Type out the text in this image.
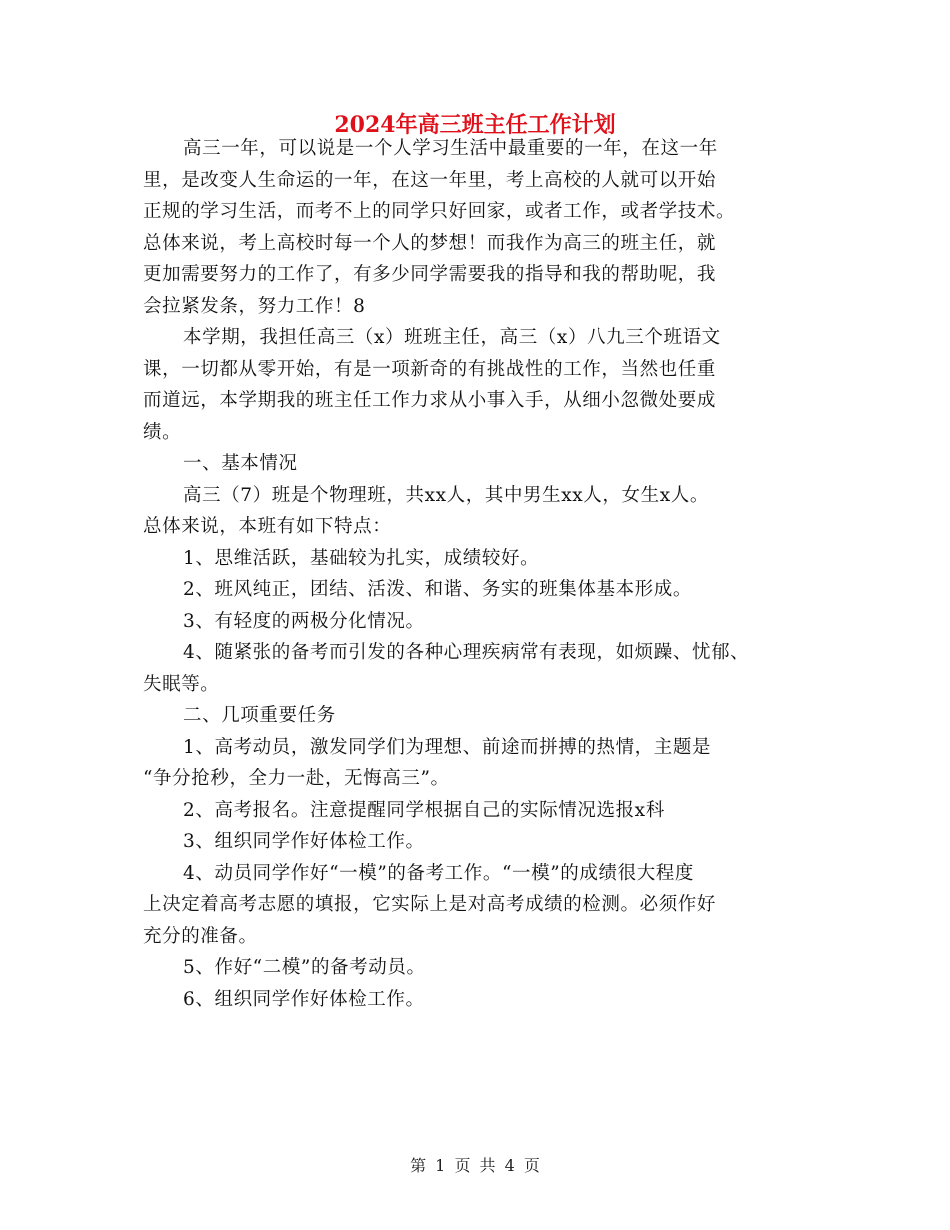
2024年高三班主任工作计划

高三一年，可以说是一个人学习生活中最重要的一年，在这一年

里，是改变人生命运的一年，在这一年里，考上高校的人就可以开始

正规的学习生活，而考不上的同学只好回家，或者工作，或者学技术。

总体来说，考上高校时每一个人的梦想！而我作为高三的班主任，就

更加需要努力的工作了，有多少同学需要我的指导和我的帮助呢，我

会拉紧发条，努力工作！8

本学期，我担任高三（x）班班主任，高三（x）八九三个班语文

课，一切都从零开始，有是一项新奇的有挑战性的工作，当然也任重

而道远，本学期我的班主任工作力求从小事入手，从细小忽微处要成

绩。

一、基本情况

高三（7）班是个物理班，共xx人，其中男生xx人，女生x人。

总体来说，本班有如下特点：

1、思维活跃，基础较为扎实，成绩较好。

2、班风纯正，团结、活泼、和谐、务实的班集体基本形成。

3、有轻度的两极分化情况。

4、随紧张的备考而引发的各种心理疾病常有表现，如烦躁、忧郁、

失眠等。

二、几项重要任务

1、高考动员，激发同学们为理想、前途而拼搏的热情，主题是

“争分抢秒，全力一赴，无悔高三”。

2、高考报名。注意提醒同学根据自己的实际情况选报x科

3、组织同学作好体检工作。

4、动员同学作好“一模”的备考工作。“一模”的成绩很大程度

上决定着高考志愿的填报，它实际上是对高考成绩的检测。必须作好

充分的准备。

5、作好“二模”的备考动员。

6、组织同学作好体检工作。

第 1 页 共 4 页
